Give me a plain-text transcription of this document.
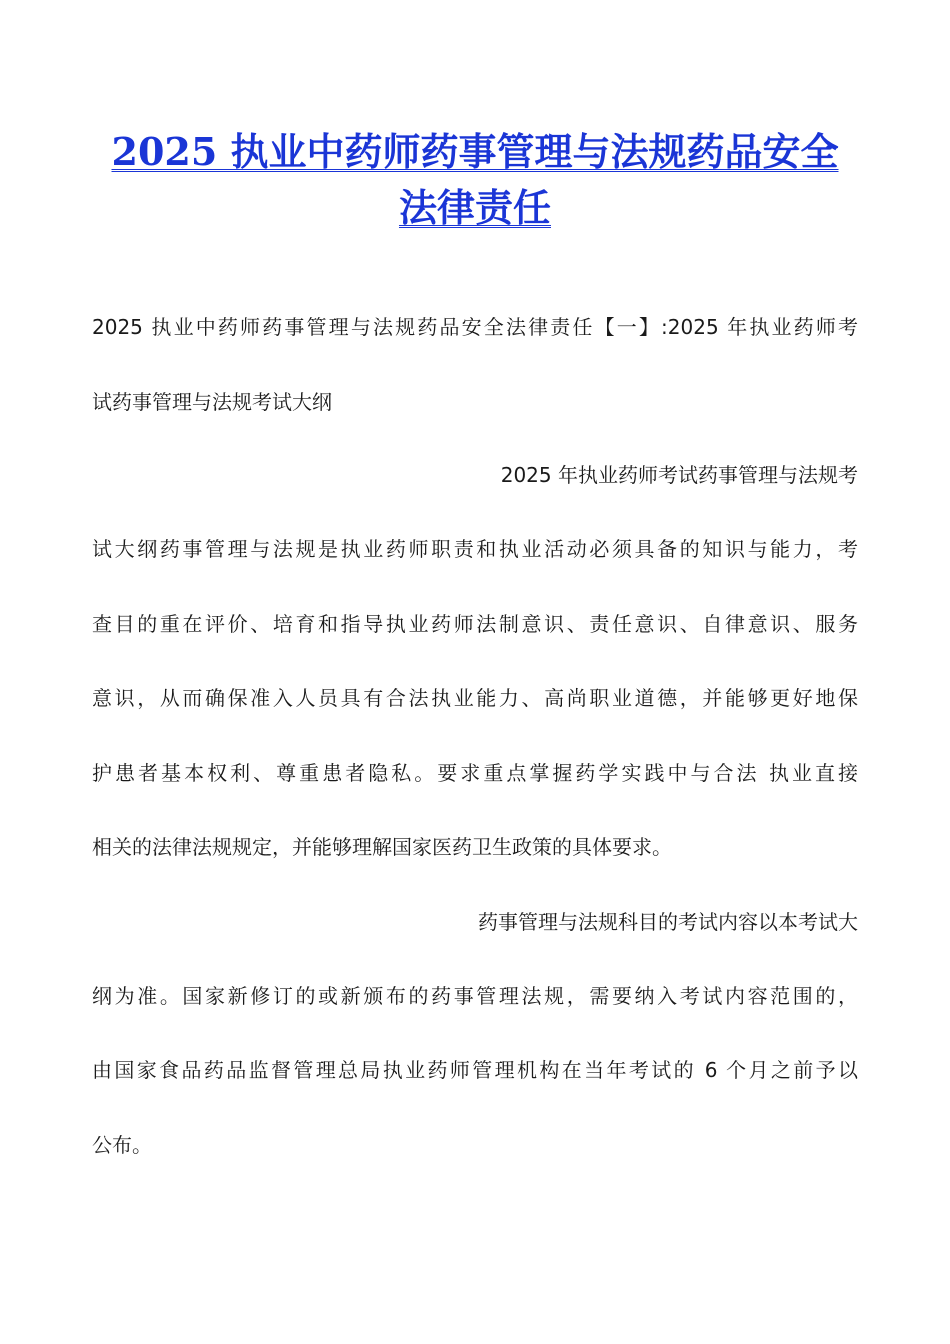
2025 执业中药师药事管理与法规药品安全
法律责任
2025 执业中药师药事管理与法规药品安全法律责任【一】:2025 年执业药师考
试药事管理与法规考试大纲
2025 年执业药师考试药事管理与法规考
试大纲药事管理与法规是执业药师职责和执业活动必须具备的知识与能力，考
查目的重在评价、培育和指导执业药师法制意识、责任意识、自律意识、服务
意识，从而确保准入人员具有合法执业能力、高尚职业道德，并能够更好地保
护患者基本权利、尊重患者隐私。要求重点掌握药学实践中与合法 执业直接
相关的法律法规规定，并能够理解国家医药卫生政策的具体要求。
药事管理与法规科目的考试内容以本考试大
纲为准。国家新修订的或新颁布的药事管理法规，需要纳入考试内容范围的，
由国家食品药品监督管理总局执业药师管理机构在当年考试的 6 个月之前予以
公布。
